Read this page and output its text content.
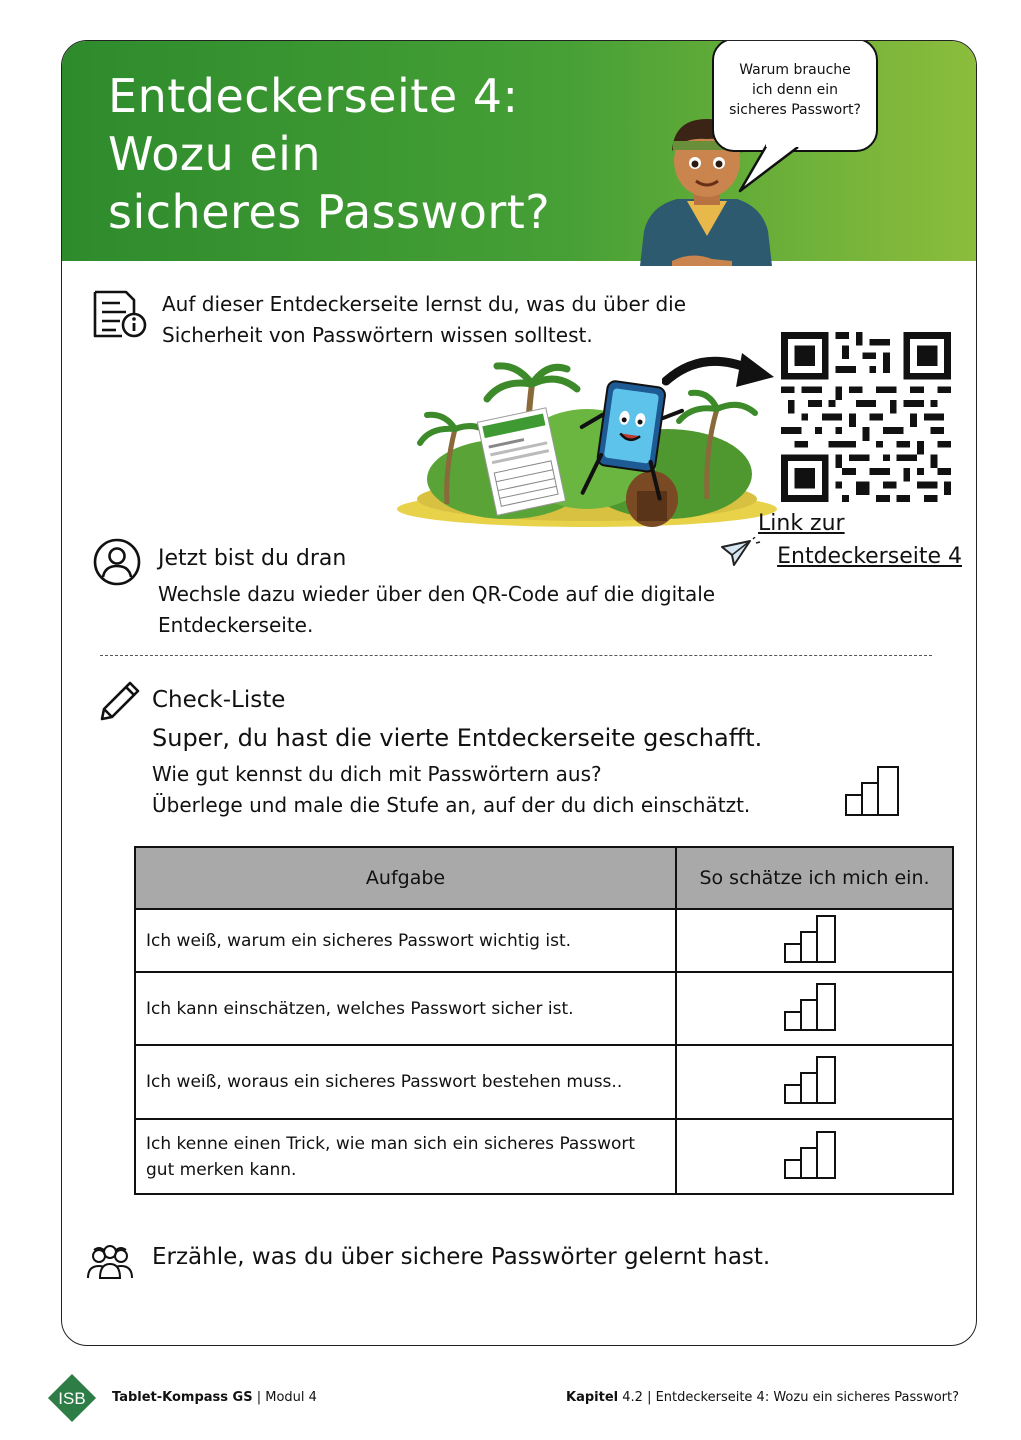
Entdeckerseite 4:
Wozu ein
sicheres Passwort?
Warum brauche
ich denn ein
sicheres Passwort?
Auf dieser Entdeckerseite lernst du, was du über die Sicherheit von Passwörtern wissen solltest.
Link zur
Entdeckerseite 4
Jetzt bist du dran
Wechsle dazu wieder über den QR-Code auf die digitale Entdeckerseite.
Check-Liste
Super, du hast die vierte Entdeckerseite geschafft.
Wie gut kennst du dich mit Passwörtern aus?
Überlege und male die Stufe an, auf der du dich einschätzt.
Aufgabe	So schätze ich mich ein.
Ich weiß, warum ein sicheres Passwort wichtig ist.	
Ich kann einschätzen, welches Passwort sicher ist.	
Ich weiß, woraus ein sicheres Passwort bestehen muss..	
Ich kenne einen Trick, wie man sich ein sicheres Passwort gut merken kann.	
Erzähle, was du über sichere Passwörter gelernt hast.
ISB Tablet-Kompass GS | Modul 4	Kapitel 4.2 | Entdeckerseite 4: Wozu ein sicheres Passwort?
